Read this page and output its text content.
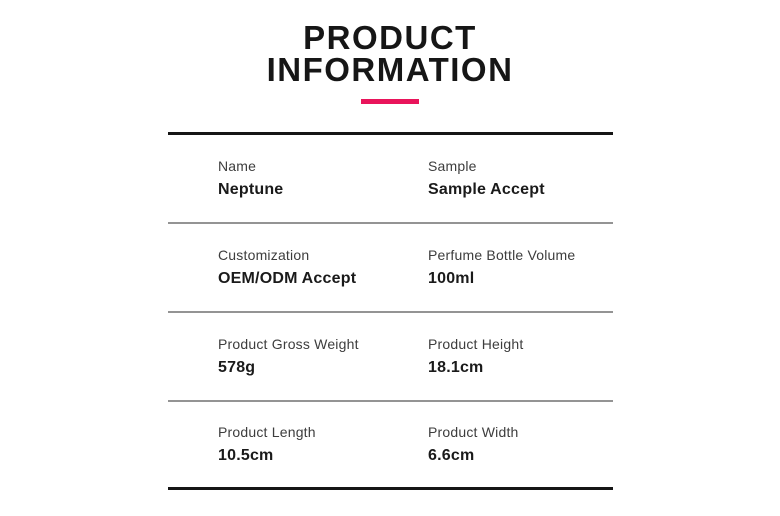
PRODUCT
INFORMATION
Name
Neptune
Sample
Sample Accept
Customization
OEM/ODM Accept
Perfume Bottle Volume
100ml
Product Gross Weight
578g
Product Height
18.1cm
Product Length
10.5cm
Product Width
6.6cm
